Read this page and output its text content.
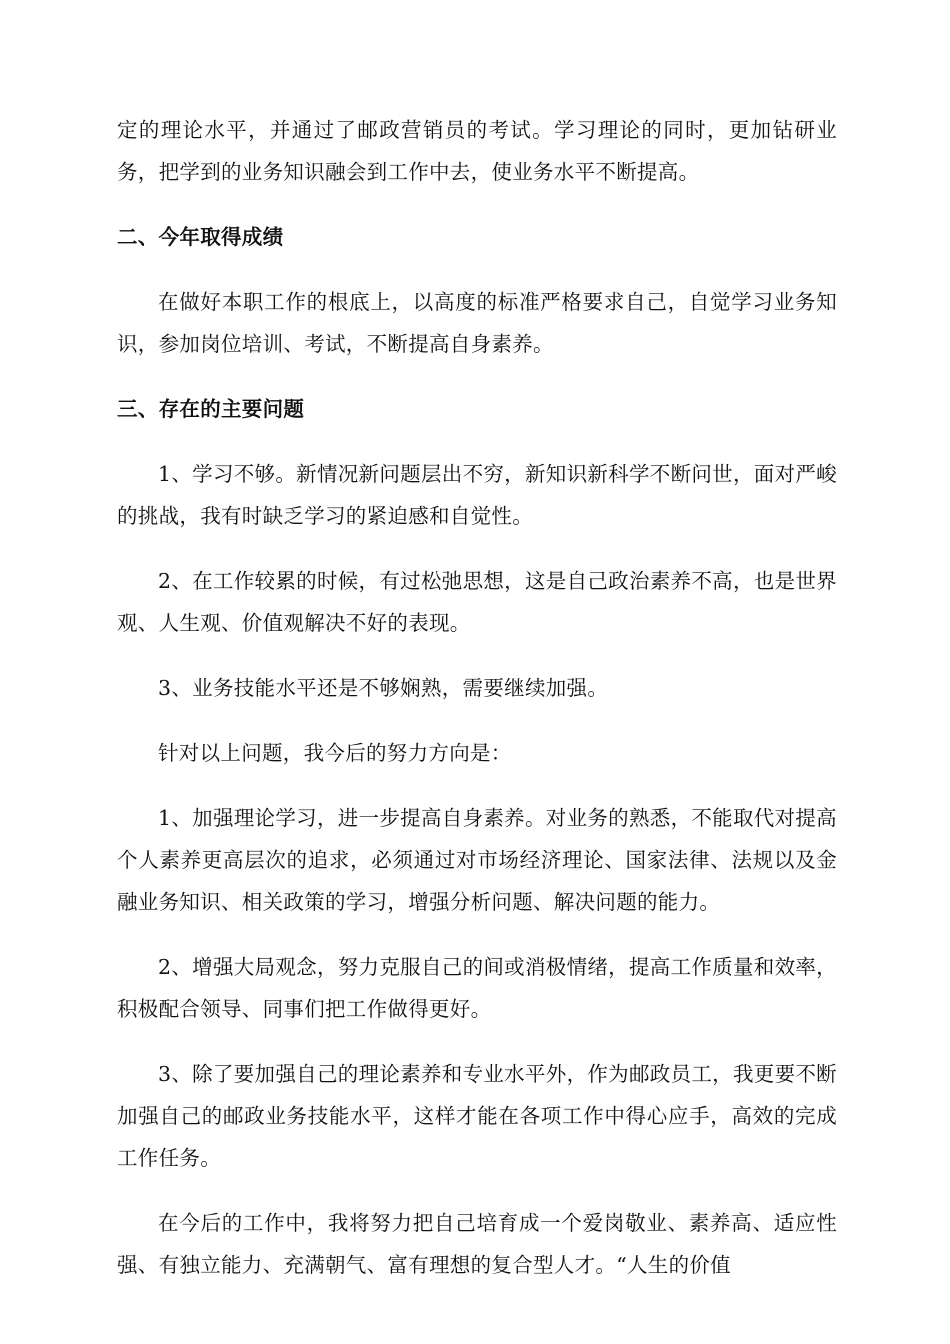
定的理论水平，并通过了邮政营销员的考试。学习理论的同时，更加钻研业务，把学到的业务知识融会到工作中去，使业务水平不断提高。

二、今年取得成绩

在做好本职工作的根底上，以高度的标准严格要求自己，自觉学习业务知识，参加岗位培训、考试，不断提高自身素养。

三、存在的主要问题

1、学习不够。新情况新问题层出不穷，新知识新科学不断问世，面对严峻的挑战，我有时缺乏学习的紧迫感和自觉性。

2、在工作较累的时候，有过松弛思想，这是自己政治素养不高，也是世界观、人生观、价值观解决不好的表现。

3、业务技能水平还是不够娴熟，需要继续加强。

针对以上问题，我今后的努力方向是：

1、加强理论学习，进一步提高自身素养。对业务的熟悉，不能取代对提高个人素养更高层次的追求，必须通过对市场经济理论、国家法律、法规以及金融业务知识、相关政策的学习，增强分析问题、解决问题的能力。

2、增强大局观念，努力克服自己的间或消极情绪，提高工作质量和效率，积极配合领导、同事们把工作做得更好。

3、除了要加强自己的理论素养和专业水平外，作为邮政员工，我更要不断加强自己的邮政业务技能水平，这样才能在各项工作中得心应手，高效的完成工作任务。

在今后的工作中，我将努力把自己培育成一个爱岗敬业、素养高、适应性强、有独立能力、充满朝气、富有理想的复合型人才。“人生的价值
